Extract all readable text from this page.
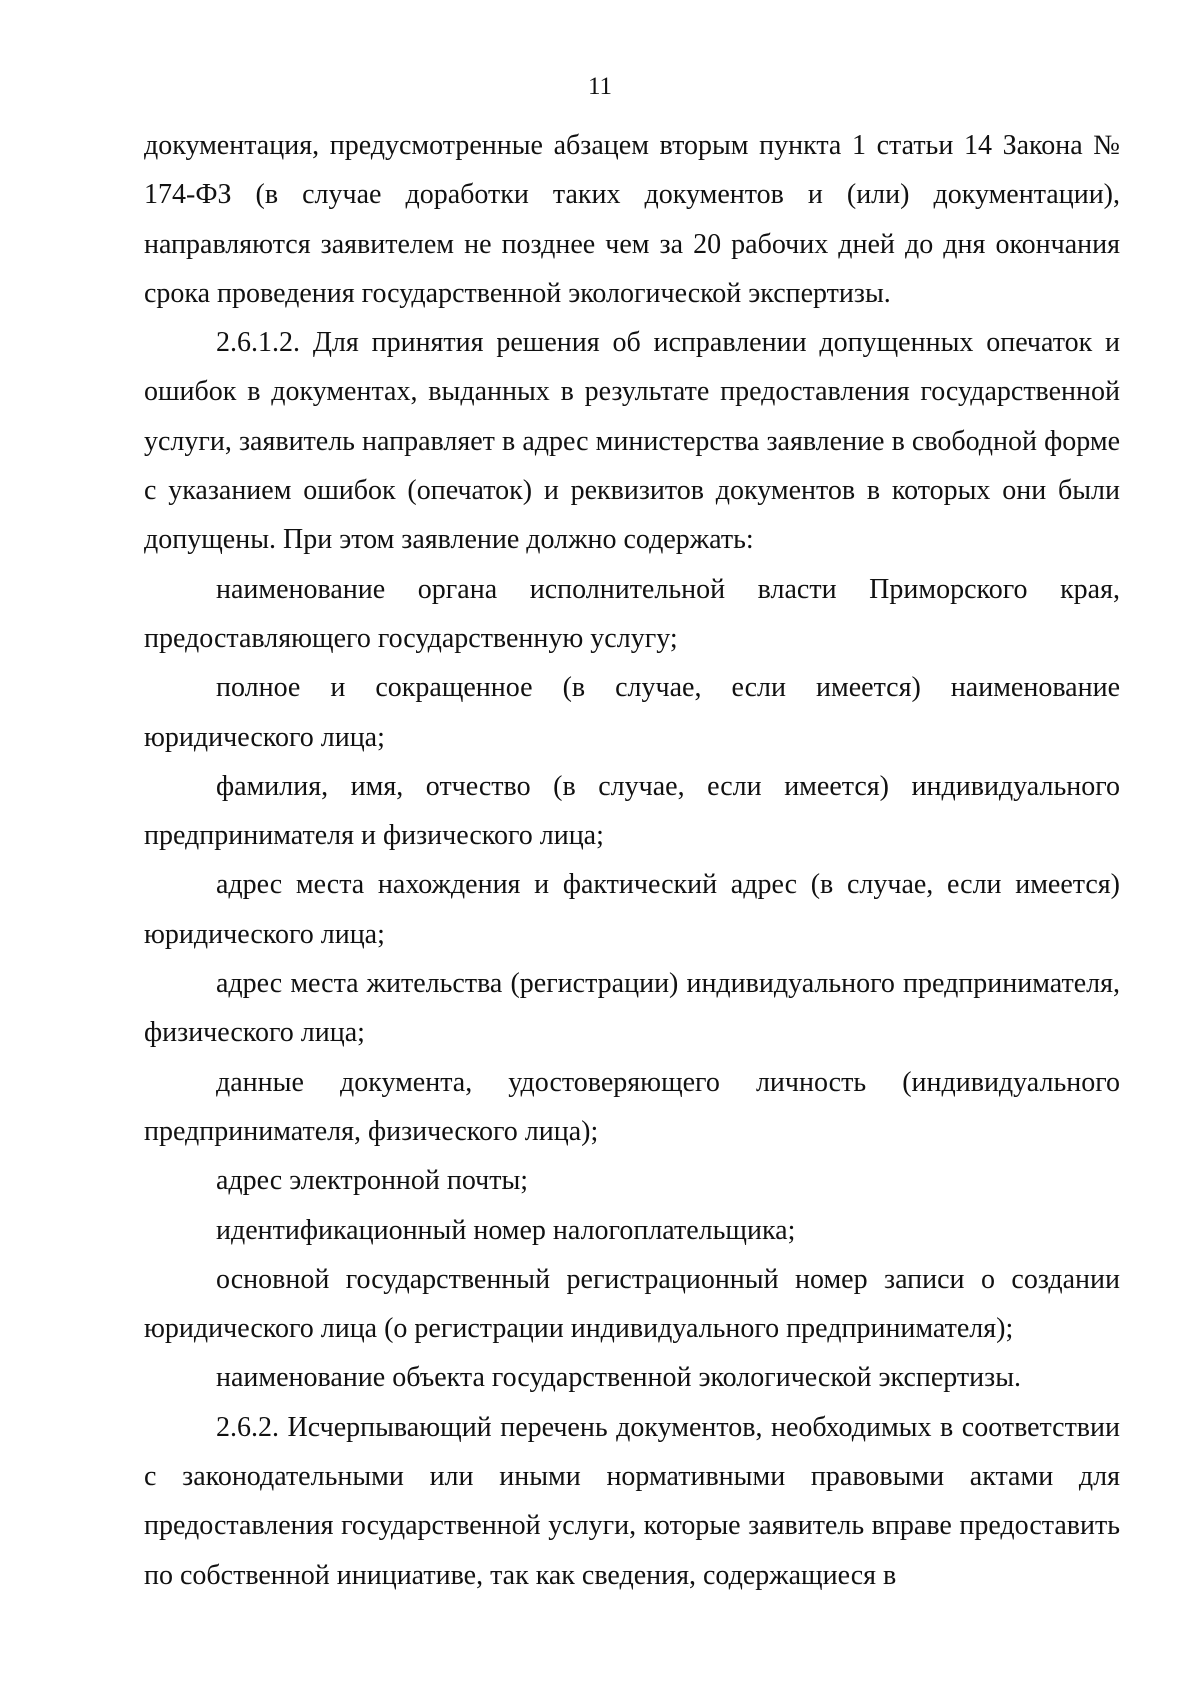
11

документация, предусмотренные абзацем вторым пункта 1 статьи 14 Закона № 174-ФЗ (в случае доработки таких документов и (или) документации), направляются заявителем не позднее чем за 20 рабочих дней до дня окончания срока проведения государственной экологической экспертизы.

2.6.1.2. Для принятия решения об исправлении допущенных опечаток и ошибок в документах, выданных в результате предоставления государственной услуги, заявитель направляет в адрес министерства заявление в свободной форме с указанием ошибок (опечаток) и реквизитов документов в которых они были допущены. При этом заявление должно содержать:

наименование органа исполнительной власти Приморского края, предоставляющего государственную услугу;

полное и сокращенное (в случае, если имеется) наименование юридического лица;

фамилия, имя, отчество (в случае, если имеется) индивидуального предпринимателя и физического лица;

адрес места нахождения и фактический адрес (в случае, если имеется) юридического лица;

адрес места жительства (регистрации) индивидуального предпринимателя, физического лица;

данные документа, удостоверяющего личность (индивидуального предпринимателя, физического лица);

адрес электронной почты;

идентификационный номер налогоплательщика;

основной государственный регистрационный номер записи о создании юридического лица (о регистрации индивидуального предпринимателя);

наименование объекта государственной экологической экспертизы.

2.6.2. Исчерпывающий перечень документов, необходимых в соответствии с законодательными или иными нормативными правовыми актами для предоставления государственной услуги, которые заявитель вправе предоставить по собственной инициативе, так как сведения, содержащиеся в
